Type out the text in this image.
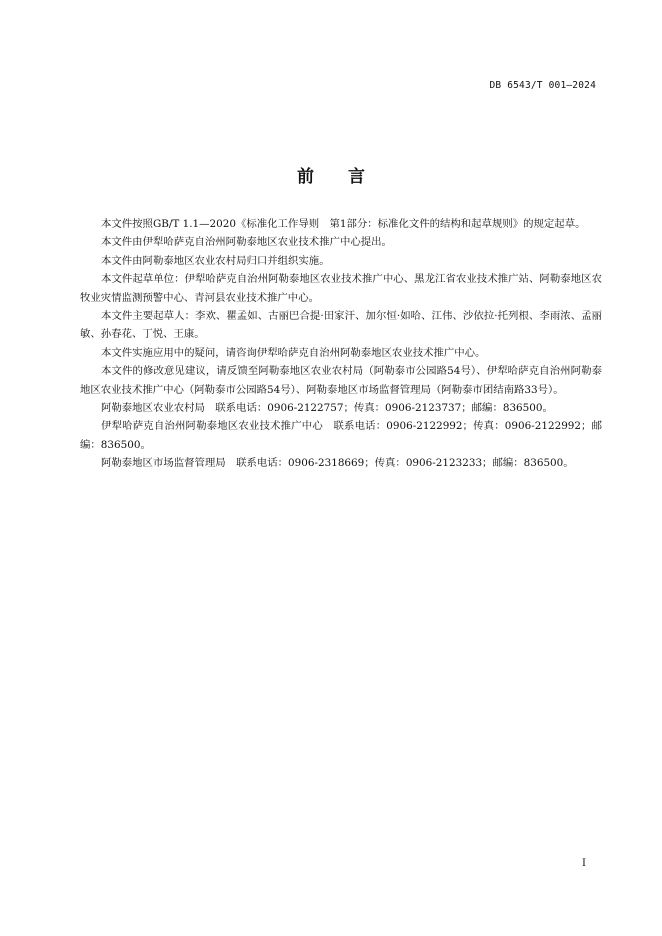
DB 6543/T 001—2024
前 言

本文件按照GB/T 1.1—2020《标准化工作导则　第1部分：标准化文件的结构和起草规则》的规定起草。

本文件由伊犁哈萨克自治州阿勒泰地区农业技术推广中心提出。

本文件由阿勒泰地区农业农村局归口并组织实施。

本文件起草单位：伊犁哈萨克自治州阿勒泰地区农业技术推广中心、黑龙江省农业技术推广站、阿勒泰地区农牧业灾情监测预警中心、青河县农业技术推广中心。

本文件主要起草人：李欢、瞿孟如、古丽巴合提·田家汗、加尔恒·如哈、江伟、沙依拉·托列根、李雨浓、孟丽敏、孙春花、丁悦、王康。

本文件实施应用中的疑问，请咨询伊犁哈萨克自治州阿勒泰地区农业技术推广中心。

本文件的修改意见建议，请反馈至阿勒泰地区农业农村局（阿勒泰市公园路54号）、伊犁哈萨克自治州阿勒泰地区农业技术推广中心（阿勒泰市公园路54号）、阿勒泰地区市场监督管理局（阿勒泰市团结南路33号）。

阿勒泰地区农业农村局　联系电话：0906-2122757；传真：0906-2123737；邮编：836500。

伊犁哈萨克自治州阿勒泰地区农业技术推广中心　联系电话：0906-2122992；传真：0906-2122992；邮编：836500。

阿勒泰地区市场监督管理局　联系电话：0906-2318669；传真：0906-2123233；邮编：836500。

I
